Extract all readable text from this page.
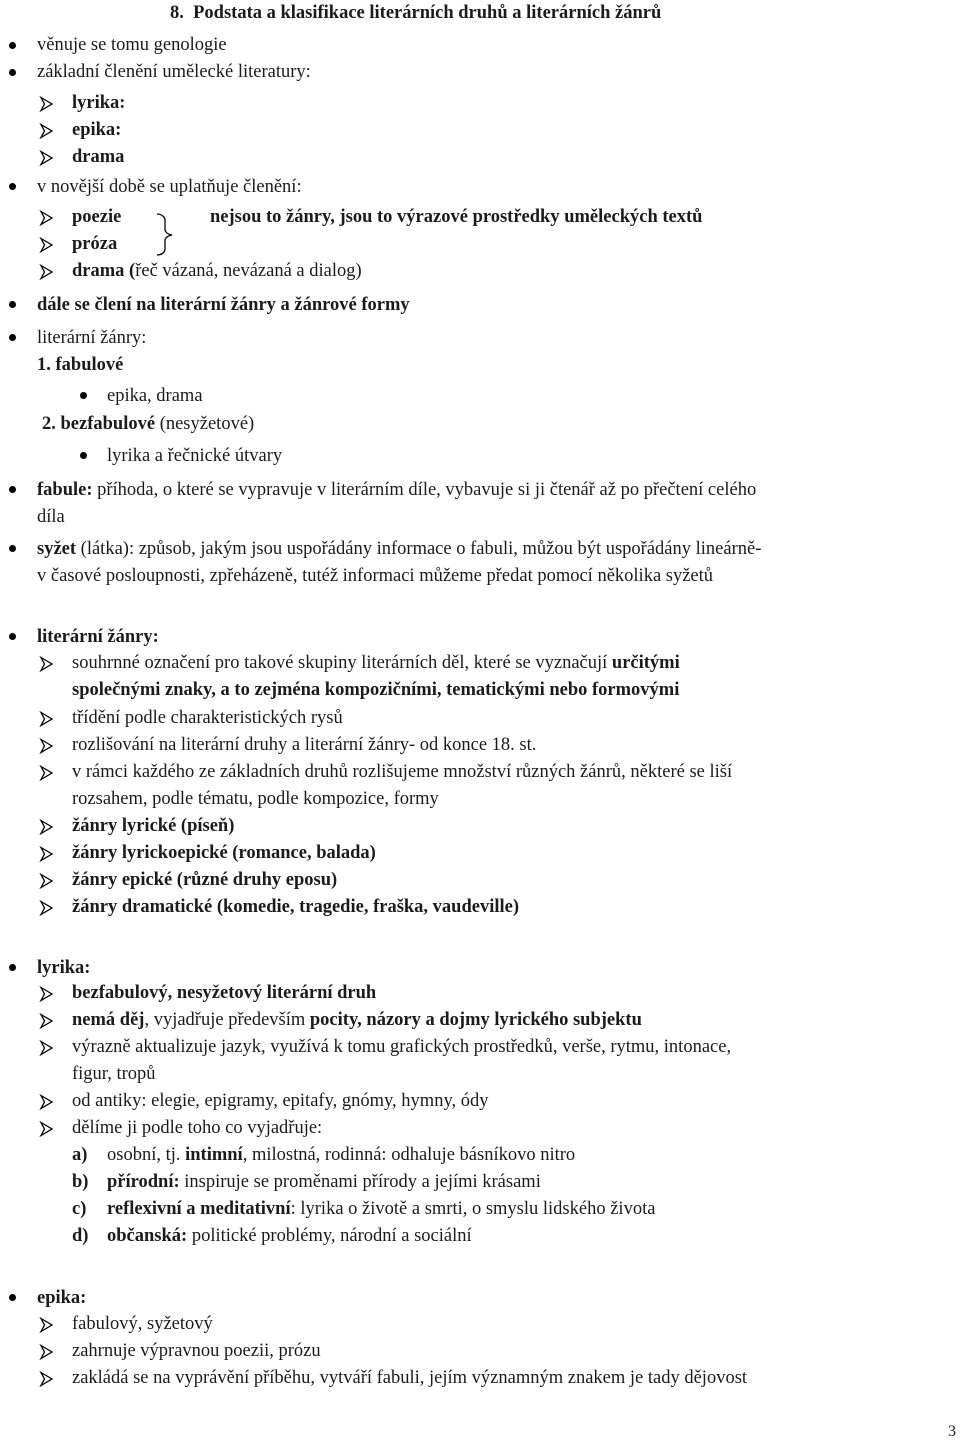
8.  Podstata a klasifikace literárních druhů a literárních žánrů
věnuje se tomu genologie
základní členění umělecké literatury:
lyrika:
epika:
drama
v novější době se uplatňuje členění:
poezie	nejsou to žánry, jsou to výrazové prostředky uměleckých textů
próza
drama (řeč vázaná, nevázaná a dialog)
dále se člení na literární žánry a žánrové formy
literární žánry:
1. fabulové
epika, drama
2. bezfabulové (nesyžetové)
lyrika a řečnické útvary
fabule: příhoda, o které se vypravuje v literárním díle, vybavuje si ji čtenář až po přečtení celého
díla
syžet (látka): způsob, jakým jsou uspořádány informace o fabuli, můžou být uspořádány lineárně-
v časové posloupnosti, zpřeházeně, tutéž informaci můžeme předat pomocí několika syžetů
literární žánry:
souhrnné označení pro takové skupiny literárních děl, které se vyznačují určitými
společnými znaky, a to zejména kompozičními, tematickými nebo formovými
třídění podle charakteristických rysů
rozlišování na literární druhy a literární žánry- od konce 18. st.
v rámci každého ze základních druhů rozlišujeme množství různých žánrů, některé se liší
rozsahem, podle tématu, podle kompozice, formy
žánry lyrické (píseň)
žánry lyrickoepické (romance, balada)
žánry epické (různé druhy eposu)
žánry dramatické (komedie, tragedie, fraška, vaudeville)
lyrika:
bezfabulový, nesyžetový literární druh
nemá děj, vyjadřuje především pocity, názory a dojmy lyrického subjektu
výrazně aktualizuje jazyk, využívá k tomu grafických prostředků, verše, rytmu, intonace,
figur, tropů
od antiky: elegie, epigramy, epitafy, gnómy, hymny, ódy
dělíme ji podle toho co vyjadřuje:
a) osobní, tj. intimní, milostná, rodinná: odhaluje básníkovo nitro
b) přírodní: inspiruje se proměnami přírody a jejími krásami
c) reflexivní a meditativní: lyrika o životě a smrti, o smyslu lidského života
d) občanská: politické problémy, národní a sociální
epika:
fabulový, syžetový
zahrnuje výpravnou poezii, prózu
zakládá se na vyprávění příběhu, vytváří fabuli, jejím významným znakem je tady dějovost
3
